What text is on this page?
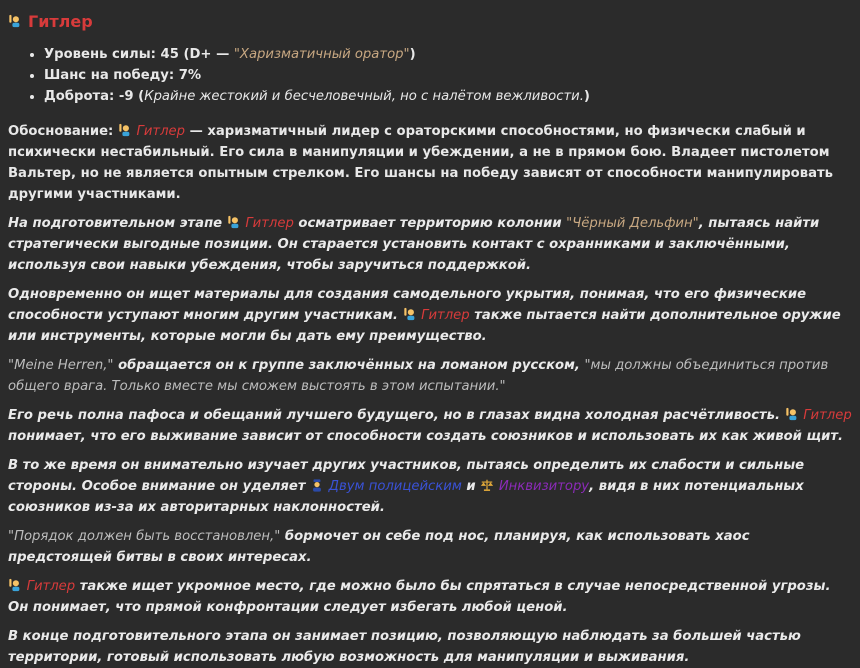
Гитлер
• Уровень силы: 45 (D+ — "Харизматичный оратор")
• Шанс на победу: 7%
• Доброта: -9 (Крайне жестокий и бесчеловечный, но с налётом вежливости.)

Обоснование: Гитлер — харизматичный лидер с ораторскими способностями, но физически слабый и психически нестабильный. Его сила в манипуляции и убеждении, а не в прямом бою. Владеет пистолетом Вальтер, но не является опытным стрелком. Его шансы на победу зависят от способности манипулировать другими участниками.

На подготовительном этапе  Гитлер осматривает территорию колонии "Чёрный Дельфин", пытаясь найти стратегически выгодные позиции. Он старается установить контакт с охранниками и заключёнными, используя свои навыки убеждения, чтобы заручиться поддержкой.

Одновременно он ищет материалы для создания самодельного укрытия, понимая, что его физические способности уступают многим другим участникам.  Гитлер также пытается найти дополнительное оружие или инструменты, которые могли бы дать ему преимущество.

"Meine Herren," обращается он к группе заключённых на ломаном русском, "мы должны объединиться против общего врага. Только вместе мы сможем выстоять в этом испытании."

Его речь полна пафоса и обещаний лучшего будущего, но в глазах видна холодная расчётливость.  Гитлер понимает, что его выживание зависит от способности создать союзников и использовать их как живой щит.

В то же время он внимательно изучает других участников, пытаясь определить их слабости и сильные стороны. Особое внимание он уделяет  Двум полицейским и  Инквизитору, видя в них потенциальных союзников из-за их авторитарных наклонностей.

"Порядок должен быть восстановлен," бормочет он себе под нос, планируя, как использовать хаос предстоящей битвы в своих интересах.

Гитлер также ищет укромное место, где можно было бы спрятаться в случае непосредственной угрозы. Он понимает, что прямой конфронтации следует избегать любой ценой.

В конце подготовительного этапа он занимает позицию, позволяющую наблюдать за большей частью территории, готовый использовать любую возможность для манипуляции и выживания.
